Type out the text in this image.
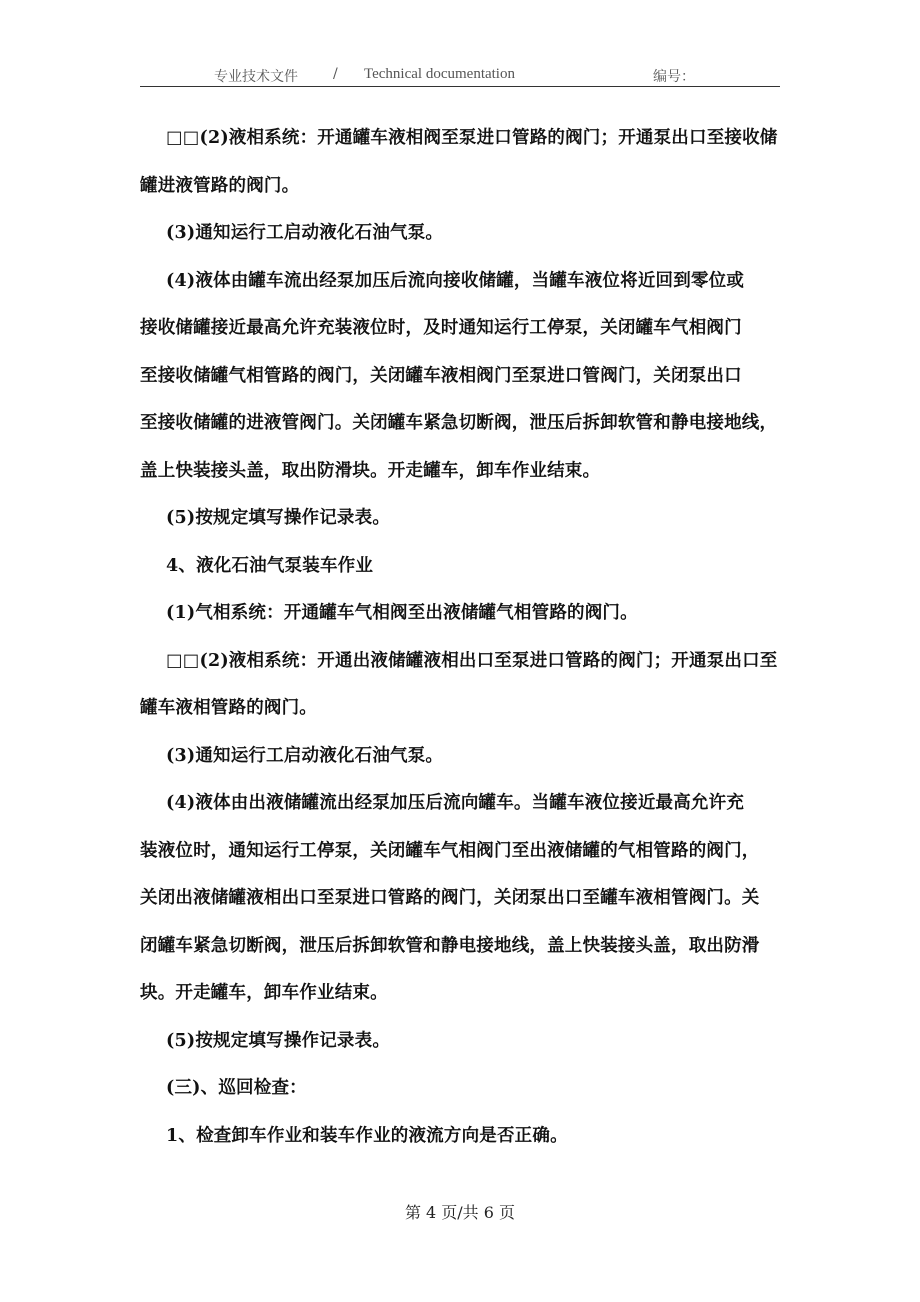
专业技术文件	/ Technical documentation	编号：
□□(2)液相系统：开通罐车液相阀至泵进口管路的阀门；开通泵出口至接收储
罐进液管路的阀门。
(3)通知运行工启动液化石油气泵。
(4)液体由罐车流出经泵加压后流向接收储罐，当罐车液位将近回到零位或
接收储罐接近最高允许充装液位时，及时通知运行工停泵，关闭罐车气相阀门
至接收储罐气相管路的阀门，关闭罐车液相阀门至泵进口管阀门，关闭泵出口
至接收储罐的进液管阀门。关闭罐车紧急切断阀，泄压后拆卸软管和静电接地线，
盖上快装接头盖，取出防滑块。开走罐车，卸车作业结束。
(5)按规定填写操作记录表。
4、液化石油气泵装车作业
(1)气相系统：开通罐车气相阀至出液储罐气相管路的阀门。
□□(2)液相系统：开通出液储罐液相出口至泵进口管路的阀门；开通泵出口至
罐车液相管路的阀门。
(3)通知运行工启动液化石油气泵。
(4)液体由出液储罐流出经泵加压后流向罐车。当罐车液位接近最高允许充
装液位时，通知运行工停泵，关闭罐车气相阀门至出液储罐的气相管路的阀门，
关闭出液储罐液相出口至泵进口管路的阀门，关闭泵出口至罐车液相管阀门。关
闭罐车紧急切断阀，泄压后拆卸软管和静电接地线，盖上快装接头盖，取出防滑
块。开走罐车，卸车作业结束。
(5)按规定填写操作记录表。
(三)、巡回检查：
1、检查卸车作业和装车作业的液流方向是否正确。
第 4 页/共 6 页
